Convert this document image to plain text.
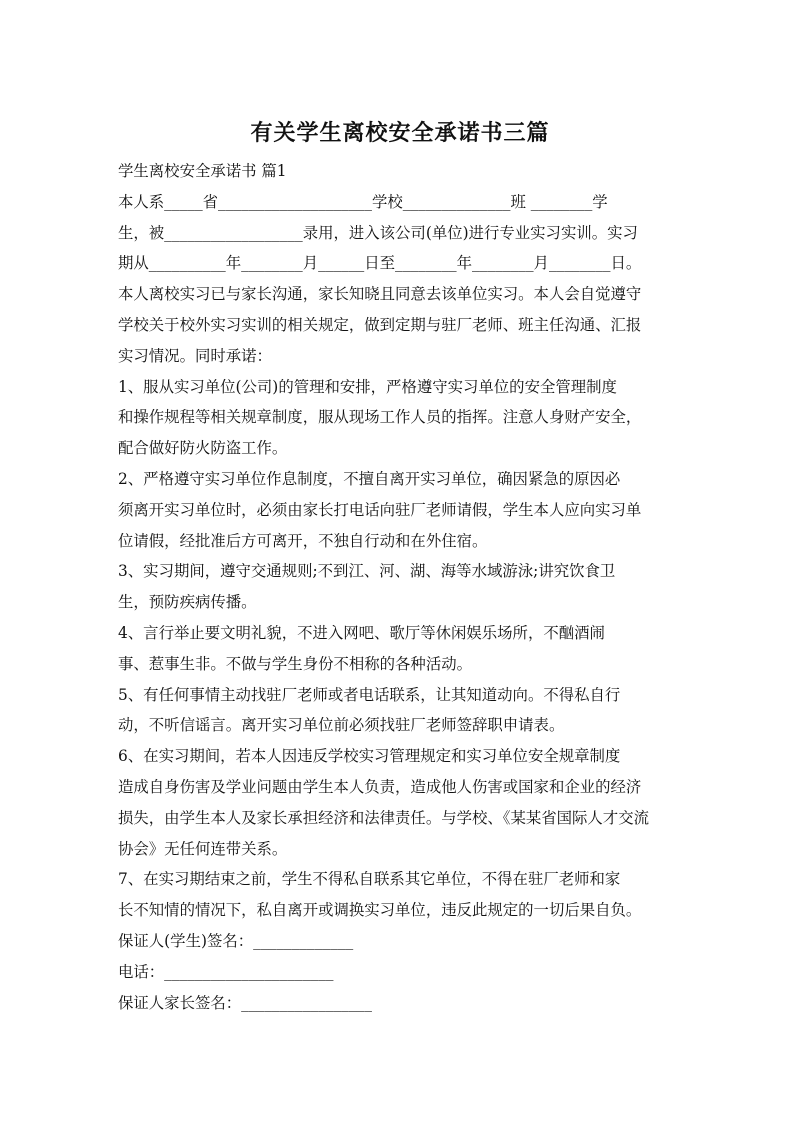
有关学生离校安全承诺书三篇

学生离校安全承诺书 篇1

本人系_____省____________________学校______________班 ________学

生，被__________________录用，进入该公司(单位)进行专业实习实训。实习

期从__________年________月______日至________年________月________日。

本人离校实习已与家长沟通，家长知晓且同意去该单位实习。本人会自觉遵守

学校关于校外实习实训的相关规定，做到定期与驻厂老师、班主任沟通、汇报

实习情况。同时承诺：

1、服从实习单位(公司)的管理和安排，严格遵守实习单位的安全管理制度

和操作规程等相关规章制度，服从现场工作人员的指挥。注意人身财产安全，

配合做好防火防盗工作。

2、严格遵守实习单位作息制度，不擅自离开实习单位，确因紧急的原因必

须离开实习单位时，必须由家长打电话向驻厂老师请假，学生本人应向实习单

位请假，经批准后方可离开，不独自行动和在外住宿。

3、实习期间，遵守交通规则;不到江、河、湖、海等水域游泳;讲究饮食卫

生，预防疾病传播。

4、言行举止要文明礼貌，不进入网吧、歌厅等休闲娱乐场所，不酗酒闹

事、惹事生非。不做与学生身份不相称的各种活动。

5、有任何事情主动找驻厂老师或者电话联系，让其知道动向。不得私自行

动，不听信谣言。离开实习单位前必须找驻厂老师签辞职申请表。

6、在实习期间，若本人因违反学校实习管理规定和实习单位安全规章制度

造成自身伤害及学业问题由学生本人负责，造成他人伤害或国家和企业的经济

损失，由学生本人及家长承担经济和法律责任。与学校、《某某省国际人才交流

协会》无任何连带关系。

7、在实习期结束之前，学生不得私自联系其它单位，不得在驻厂老师和家

长不知情的情况下，私自离开或调换实习单位，违反此规定的一切后果自负。

保证人(学生)签名：_____________

电话：______________________

保证人家长签名：_________________
